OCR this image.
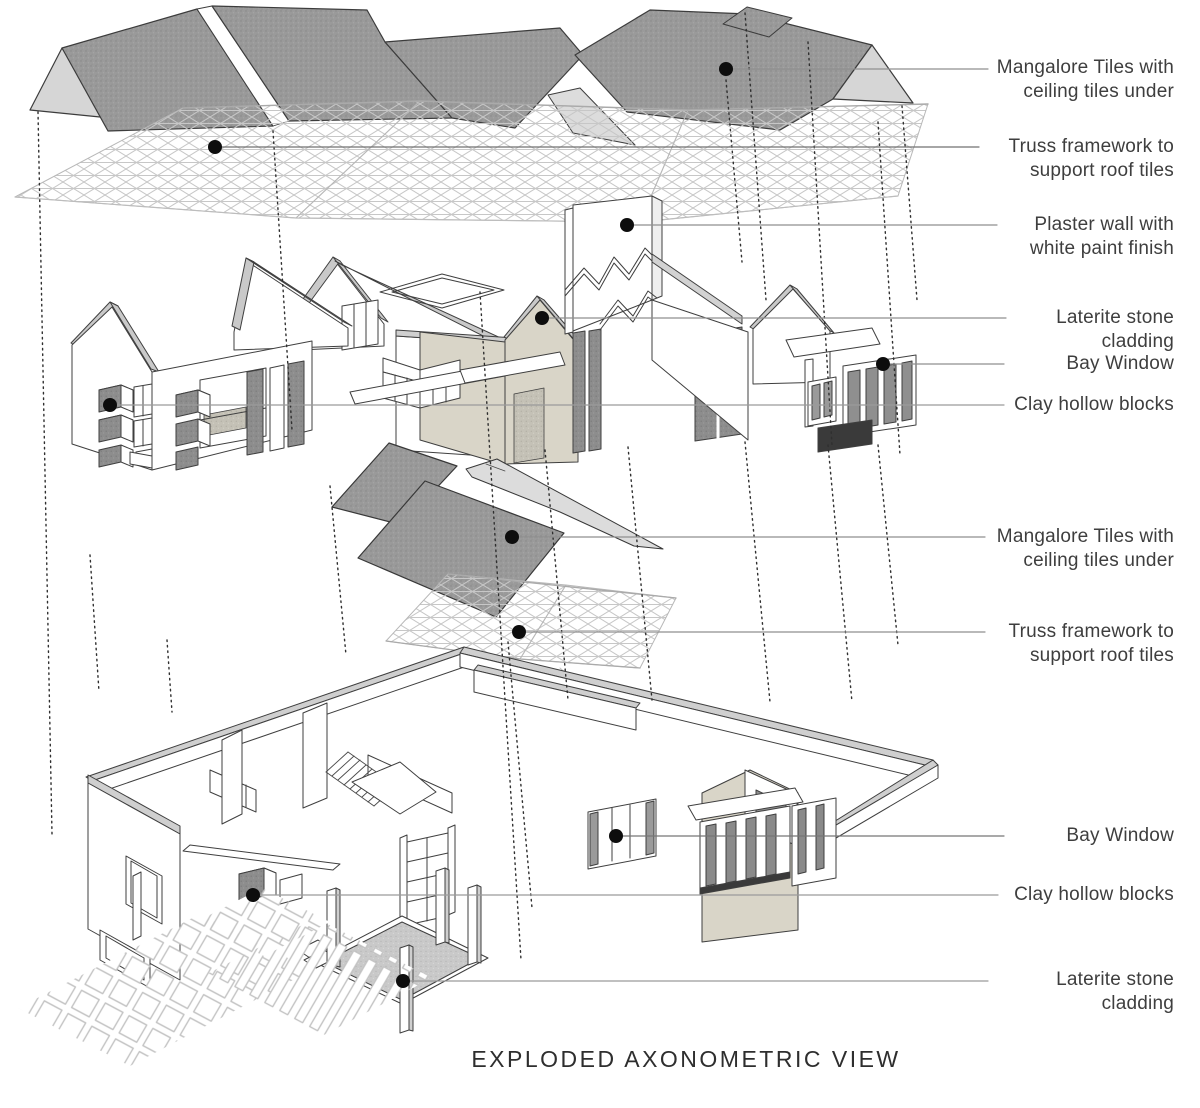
Mangalore Tiles with
ceiling tiles under
Truss framework to
support roof tiles
Plaster wall with
white paint finish
Laterite stone
cladding
Bay Window
Clay hollow blocks
Mangalore Tiles with
ceiling tiles under
Truss framework to
support roof tiles
Bay Window
Clay hollow blocks
Laterite stone
cladding
EXPLODED AXONOMETRIC VIEW
